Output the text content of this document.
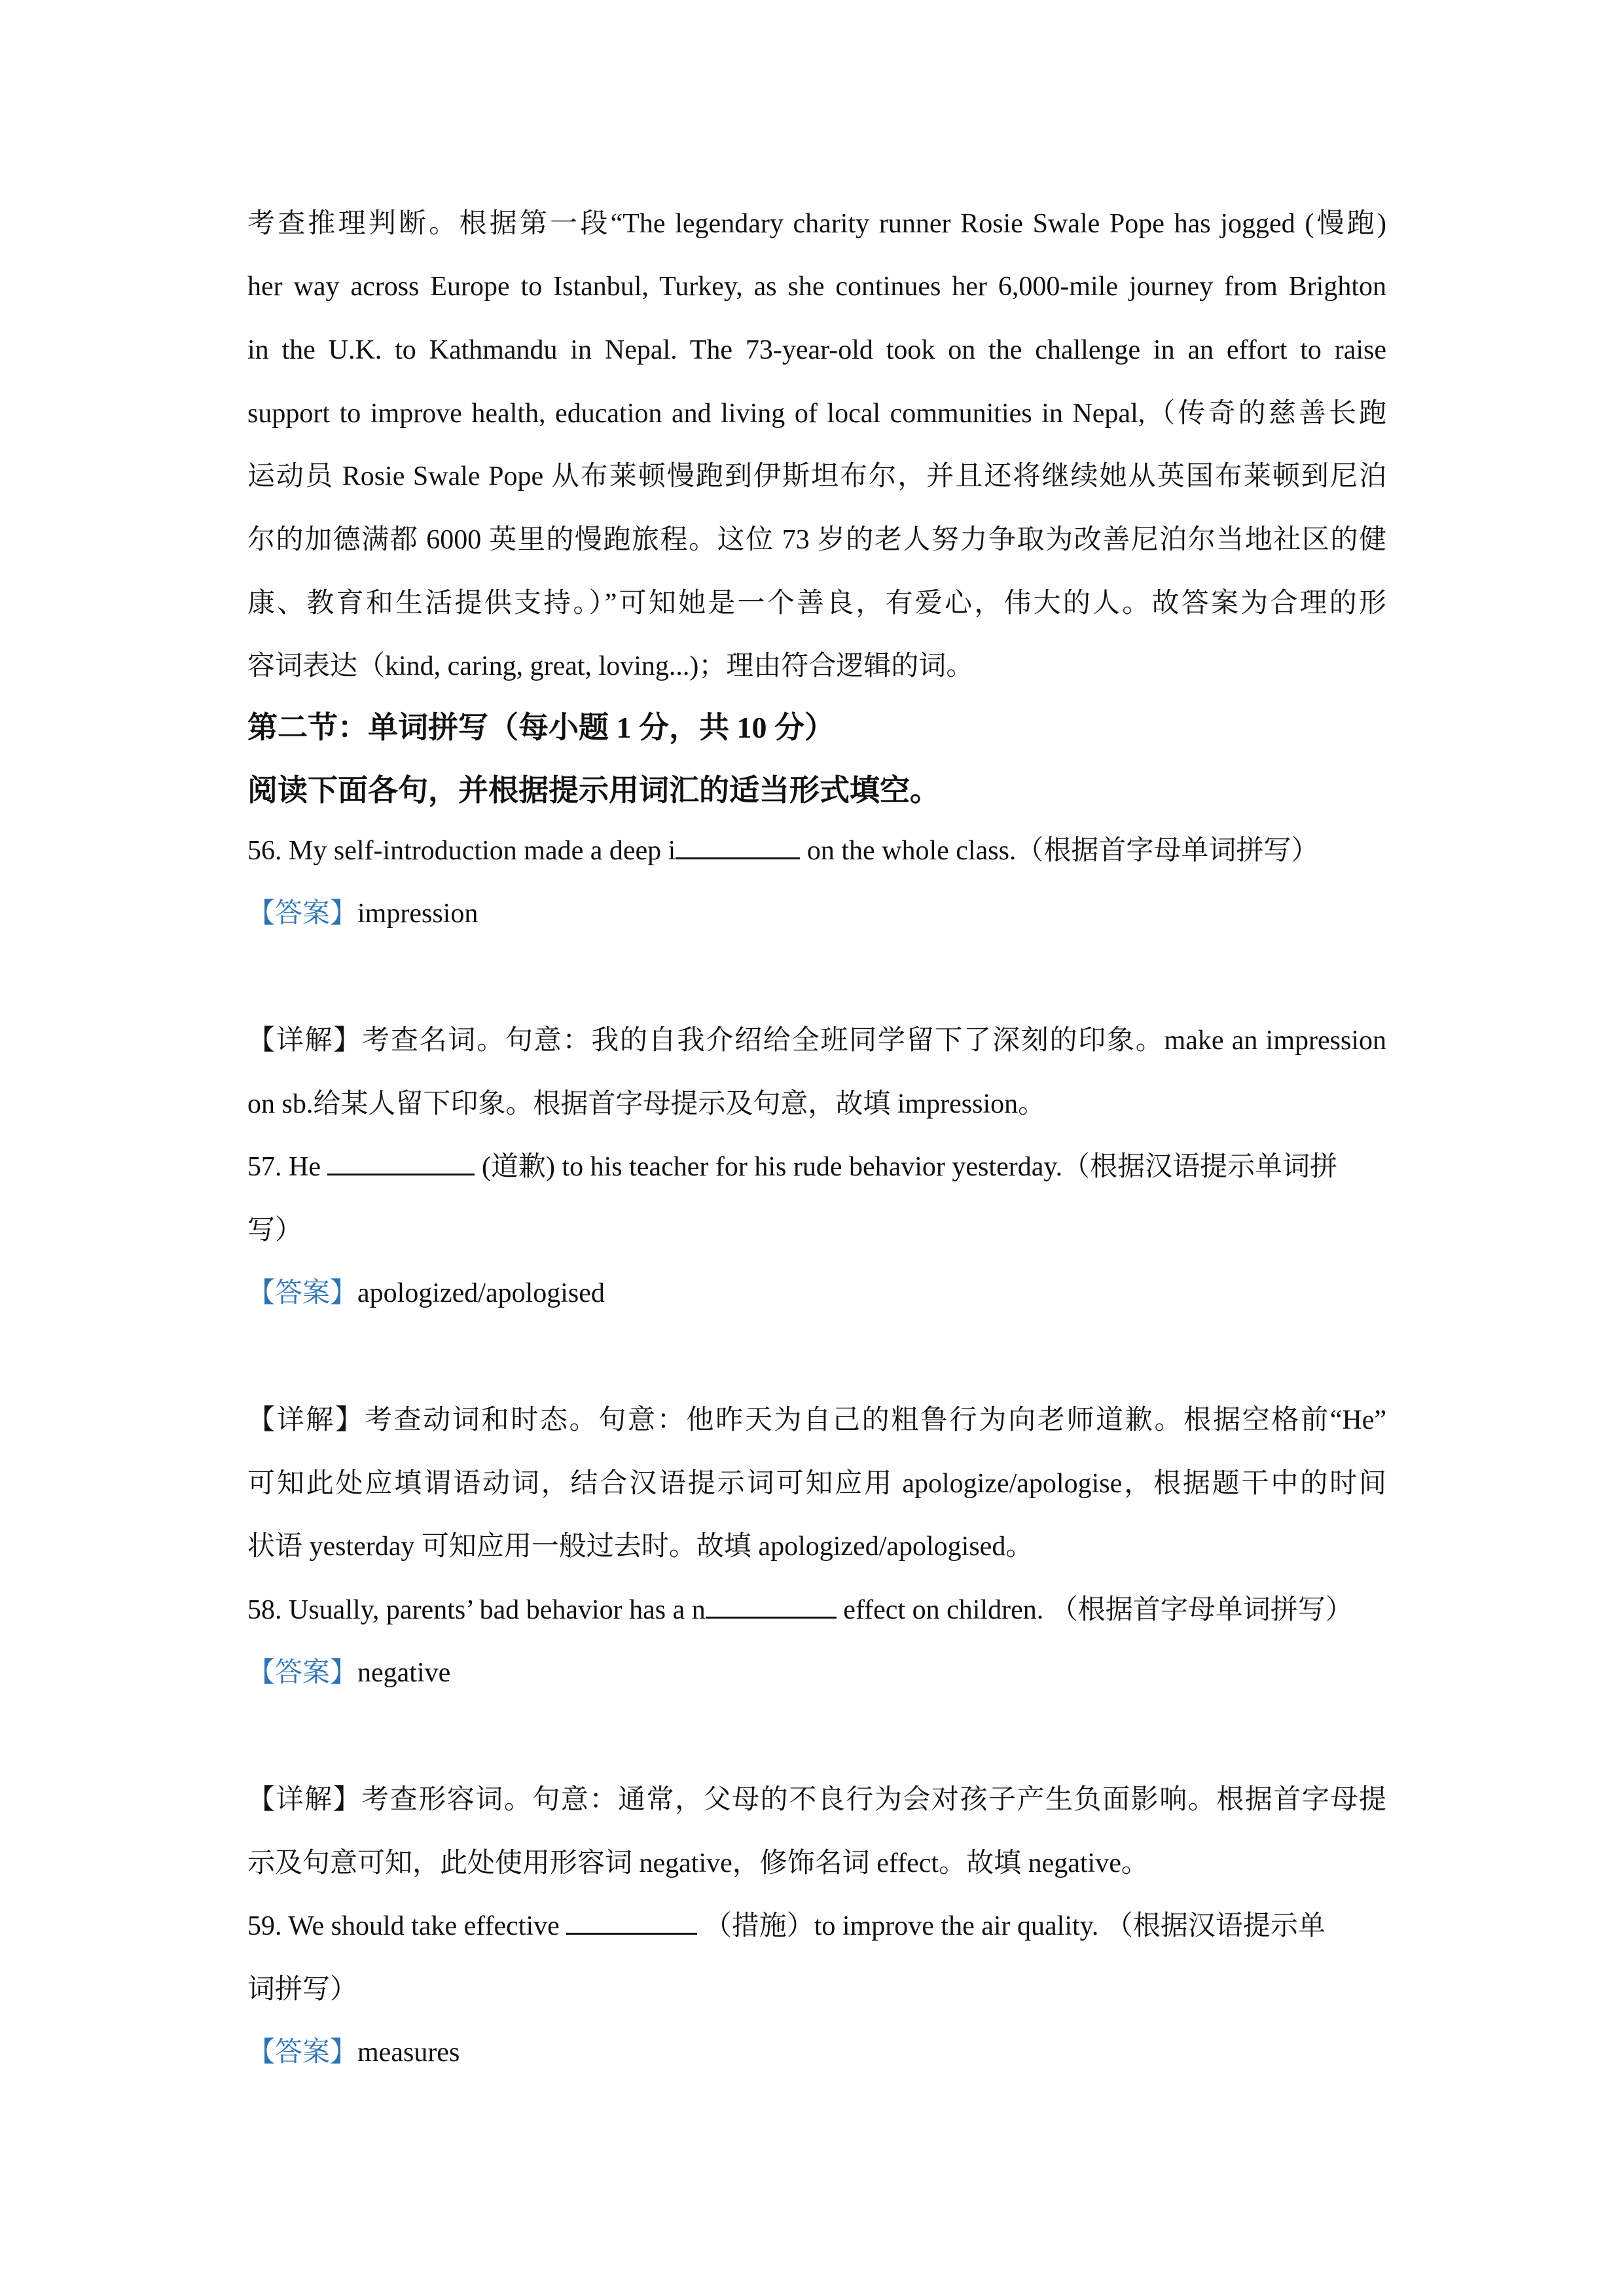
考查推理判断。根据第一段“The legendary charity runner Rosie Swale Pope has jogged (慢跑)
her way across Europe to Istanbul, Turkey, as she continues her 6,000-mile journey from Brighton
in the U.K. to Kathmandu in Nepal. The 73-year-old took on the challenge in an effort to raise
support to improve health, education and living of local communities in Nepal,（传奇的慈善长跑
运动员 Rosie Swale Pope 从布莱顿慢跑到伊斯坦布尔，并且还将继续她从英国布莱顿到尼泊
尔的加德满都 6000 英里的慢跑旅程。这位 73 岁的老人努力争取为改善尼泊尔当地社区的健
康、教育和生活提供支持。）”可知她是一个善良，有爱心，伟大的人。故答案为合理的形
容词表达（kind, caring, great, loving...)；理由符合逻辑的词。
第二节：单词拼写（每小题 1 分，共 10 分）
阅读下面各句，并根据提示用词汇的适当形式填空。
56. My self-introduction made a deep i	on the whole class.（根据首字母单词拼写）
【答案】impression
【详解】考查名词。句意：我的自我介绍给全班同学留下了深刻的印象。make an impression
on sb.给某人留下印象。根据首字母提示及句意，故填 impression。
57. He	(道歉) to his teacher for his rude behavior yesterday.（根据汉语提示单词拼
写）
【答案】apologized/apologised
【详解】考查动词和时态。句意：他昨天为自己的粗鲁行为向老师道歉。根据空格前“He”
可知此处应填谓语动词，结合汉语提示词可知应用 apologize/apologise，根据题干中的时间
状语 yesterday 可知应用一般过去时。故填 apologized/apologised。
58. Usually, parents’ bad behavior has a n	effect on children. （根据首字母单词拼写）
【答案】negative
【详解】考查形容词。句意：通常，父母的不良行为会对孩子产生负面影响。根据首字母提
示及句意可知，此处使用形容词 negative，修饰名词 effect。故填 negative。
59. We should take effective	（措施）to improve the air quality. （根据汉语提示单
词拼写）
【答案】measures
